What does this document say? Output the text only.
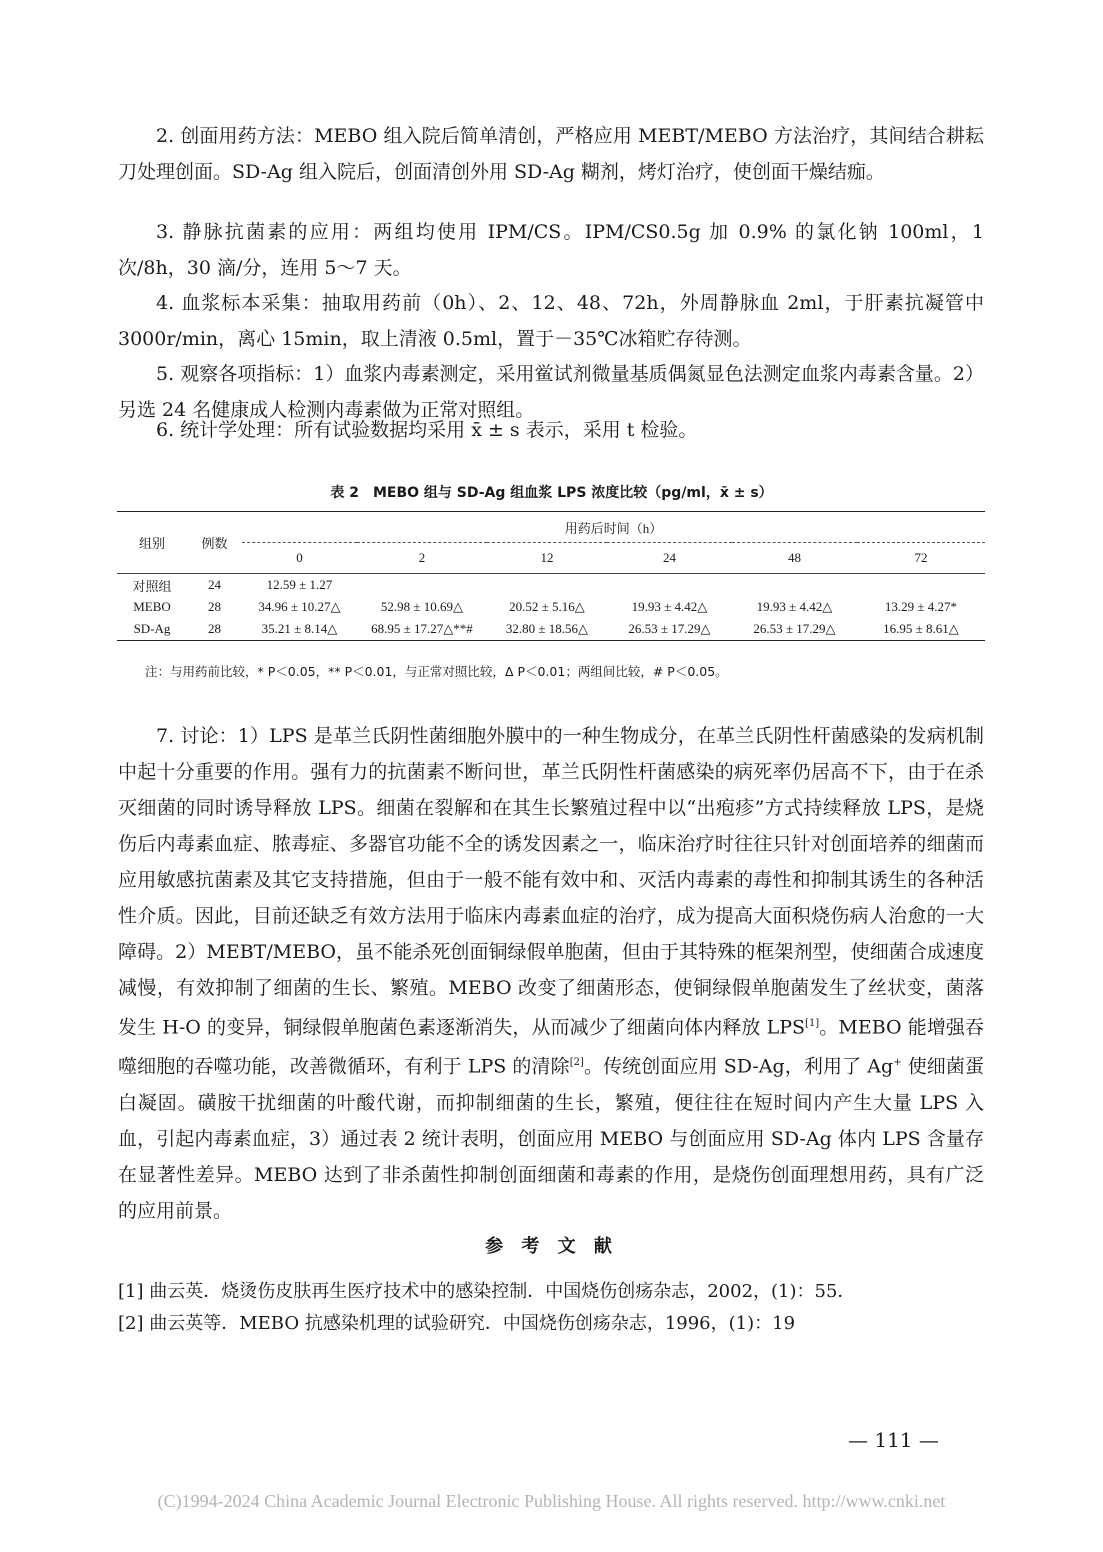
2. 创面用药方法：MEBO 组入院后简单清创，严格应用 MEBT/MEBO 方法治疗，其间结合耕耘刀处理创面。SD-Ag 组入院后，创面清创外用 SD-Ag 糊剂，烤灯治疗，使创面干燥结痂。

3. 静脉抗菌素的应用：两组均使用 IPM/CS。IPM/CS0.5g 加 0.9% 的氯化钠 100ml，1 次/8h，30 滴/分，连用 5～7 天。

4. 血浆标本采集：抽取用药前（0h）、2、12、48、72h，外周静脉血 2ml，于肝素抗凝管中 3000r/min，离心 15min，取上清液 0.5ml，置于－35℃冰箱贮存待测。

5. 观察各项指标：1）血浆内毒素测定，采用鲎试剂微量基质偶氮显色法测定血浆内毒素含量。2）另选 24 名健康成人检测内毒素做为正常对照组。

6. 统计学处理：所有试验数据均采用 x̄ ± s 表示，采用 t 检验。

表 2　MEBO 组与 SD-Ag 组血浆 LPS 浓度比较（pg/ml，x̄ ± s）
组别	例数	用药后时间（h）					
		0	2	12	24	48	72
对照组	24	12.59 ± 1.27					
MEBO	28	34.96 ± 10.27△	52.98 ± 10.69△	20.52 ± 5.16△	19.93 ± 4.42△	19.93 ± 4.42△	13.29 ± 4.27*
SD-Ag	28	35.21 ± 8.14△	68.95 ± 17.27△**#	32.80 ± 18.56△	26.53 ± 17.29△	26.53 ± 17.29△	16.95 ± 8.61△
注：与用药前比较，* P＜0.05，** P＜0.01，与正常对照比较，Δ P＜0.01；两组间比较，# P＜0.05。

7. 讨论：1）LPS 是革兰氏阴性菌细胞外膜中的一种生物成分，在革兰氏阴性杆菌感染的发病机制中起十分重要的作用。强有力的抗菌素不断问世，革兰氏阴性杆菌感染的病死率仍居高不下，由于在杀灭细菌的同时诱导释放 LPS。细菌在裂解和在其生长繁殖过程中以“出疱疹”方式持续释放 LPS，是烧伤后内毒素血症、脓毒症、多器官功能不全的诱发因素之一，临床治疗时往往只针对创面培养的细菌而应用敏感抗菌素及其它支持措施，但由于一般不能有效中和、灭活内毒素的毒性和抑制其诱生的各种活性介质。因此，目前还缺乏有效方法用于临床内毒素血症的治疗，成为提高大面积烧伤病人治愈的一大障碍。2）MEBT/MEBO，虽不能杀死创面铜绿假单胞菌，但由于其特殊的框架剂型，使细菌合成速度减慢，有效抑制了细菌的生长、繁殖。MEBO 改变了细菌形态，使铜绿假单胞菌发生了丝状变，菌落发生 H-O 的变异，铜绿假单胞菌色素逐渐消失，从而减少了细菌向体内释放 LPS[1]。MEBO 能增强吞噬细胞的吞噬功能，改善微循环，有利于 LPS 的清除[2]。传统创面应用 SD-Ag，利用了 Ag+ 使细菌蛋白凝固。磺胺干扰细菌的叶酸代谢，而抑制细菌的生长，繁殖，便往往在短时间内产生大量 LPS 入血，引起内毒素血症，3）通过表 2 统计表明，创面应用 MEBO 与创面应用 SD-Ag 体内 LPS 含量存在显著性差异。MEBO 达到了非杀菌性抑制创面细菌和毒素的作用，是烧伤创面理想用药，具有广泛的应用前景。

参 考 文 献
[1] 曲云英．烧烫伤皮肤再生医疗技术中的感染控制．中国烧伤创疡杂志，2002，(1)：55．
[2] 曲云英等．MEBO 抗感染机理的试验研究．中国烧伤创疡杂志，1996，(1)：19
— 111 —
(C)1994-2024 China Academic Journal Electronic Publishing House. All rights reserved. http://www.cnki.net
